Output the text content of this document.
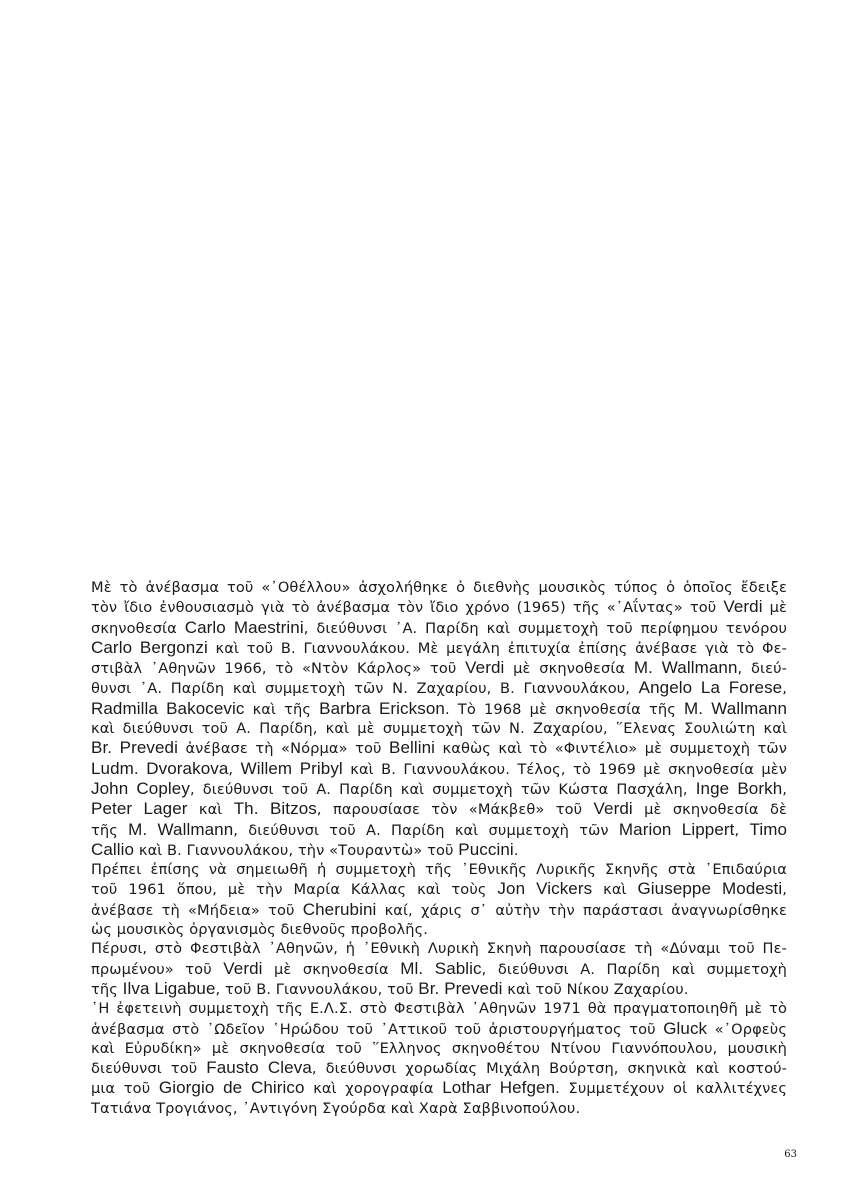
Μὲ τὸ ἀνέβασμα τοῦ «᾿Οθέλλου» ἀσχολήθηκε ὁ διεθνὴς μουσικὸς τύπος ὁ ὁποῖος ἔδειξε
τὸν ἴδιο ἐνθουσιασμὸ γιὰ τὸ ἀνέβασμα τὸν ἴδιο χρόνο (1965) τῆς «᾿Αΐντας» τοῦ Verdi μὲ
σκηνοθεσία Carlo Maestrini, διεύθυνσι ᾿Α. Παρίδη καὶ συμμετοχὴ τοῦ περίφημου τενόρου
Carlo Bergonzi καὶ τοῦ Β. Γιαννουλάκου. Μὲ μεγάλη ἐπιτυχία ἐπίσης ἀνέβασε γιὰ τὸ Φε-
στιβὰλ ᾿Αθηνῶν 1966, τὸ «Ντὸν Κάρλος» τοῦ Verdi μὲ σκηνοθεσία M. Wallmann, διεύ-
θυνσι ᾿Α. Παρίδη καὶ συμμετοχὴ τῶν Ν. Ζαχαρίου, Β. Γιαννουλάκου, Angelo La Forese,
Radmilla Bakocevic καὶ τῆς Barbra Erickson. Τὸ 1968 μὲ σκηνοθεσία τῆς M. Wallmann
καὶ διεύθυνσι τοῦ Α. Παρίδη, καὶ μὲ συμμετοχὴ τῶν Ν. Ζαχαρίου, ῞Ελενας Σουλιώτη καὶ
Br. Prevedi ἀνέβασε τὴ «Νόρμα» τοῦ Bellini καθὼς καὶ τὸ «Φιντέλιο» μὲ συμμετοχὴ τῶν
Ludm. Dvorakova, Willem Pribyl καὶ Β. Γιαννουλάκου. Τέλος, τὸ 1969 μὲ σκηνοθεσία μὲν
John Copley, διεύθυνσι τοῦ Α. Παρίδη καὶ συμμετοχὴ τῶν Κώστα Πασχάλη, Inge Borkh,
Peter Lager καὶ Th. Bitzos, παρουσίασε τὸν «Μάκβεθ» τοῦ Verdi μὲ σκηνοθεσία δὲ
τῆς M. Wallmann, διεύθυνσι τοῦ Α. Παρίδη καὶ συμμετοχὴ τῶν Marion Lippert, Timo
Callio καὶ Β. Γιαννουλάκου, τὴν «Τουραντὼ» τοῦ Puccini.
Πρέπει ἐπίσης νὰ σημειωθῆ ἡ συμμετοχὴ τῆς ᾿Εθνικῆς Λυρικῆς Σκηνῆς στὰ ᾿Επιδαύρια
τοῦ 1961 ὅπου, μὲ τὴν Μαρία Κάλλας καὶ τοὺς Jon Vickers καὶ Giuseppe Modesti,
ἀνέβασε τὴ «Μήδεια» τοῦ Cherubini καί, χάρις σ᾿ αὐτὴν τὴν παράστασι ἀναγνωρίσθηκε
ὡς μουσικὸς ὀργανισμὸς διεθνοῦς προβολῆς.
Πέρυσι, στὸ Φεστιβὰλ ᾿Αθηνῶν, ἡ ᾿Εθνικὴ Λυρικὴ Σκηνὴ παρουσίασε τὴ «Δύναμι τοῦ Πε-
πρωμένου» τοῦ Verdi μὲ σκηνοθεσία Ml. Sablic, διεύθυνσι Α. Παρίδη καὶ συμμετοχὴ
τῆς Ilva Ligabue, τοῦ Β. Γιαννουλάκου, τοῦ Br. Prevedi καὶ τοῦ Νίκου Ζαχαρίου.
῾Η ἐφετεινὴ συμμετοχὴ τῆς Ε.Λ.Σ. στὸ Φεστιβὰλ ᾿Αθηνῶν 1971 θὰ πραγματοποιηθῆ μὲ τὸ
ἀνέβασμα στὸ ᾿Ωδεῖον ῾Ηρώδου τοῦ ᾿Αττικοῦ τοῦ ἀριστουργήματος τοῦ Gluck «᾿Ορφεὺς
καὶ Εὐρυδίκη» μὲ σκηνοθεσία τοῦ ῞Ελληνος σκηνοθέτου Ντίνου Γιαννόπουλου, μουσικὴ
διεύθυνσι τοῦ Fausto Cleva, διεύθυνσι χορωδίας Μιχάλη Βούρτση, σκηνικὰ καὶ κοστού-
μια τοῦ Giorgio de Chirico καὶ χορογραφία Lothar Hefgen. Συμμετέχουν οἱ καλλιτέχνες
Τατιάνα Τρογιάνος, ᾿Αντιγόνη Σγούρδα καὶ Χαρὰ Σαββινοπούλου.
63
